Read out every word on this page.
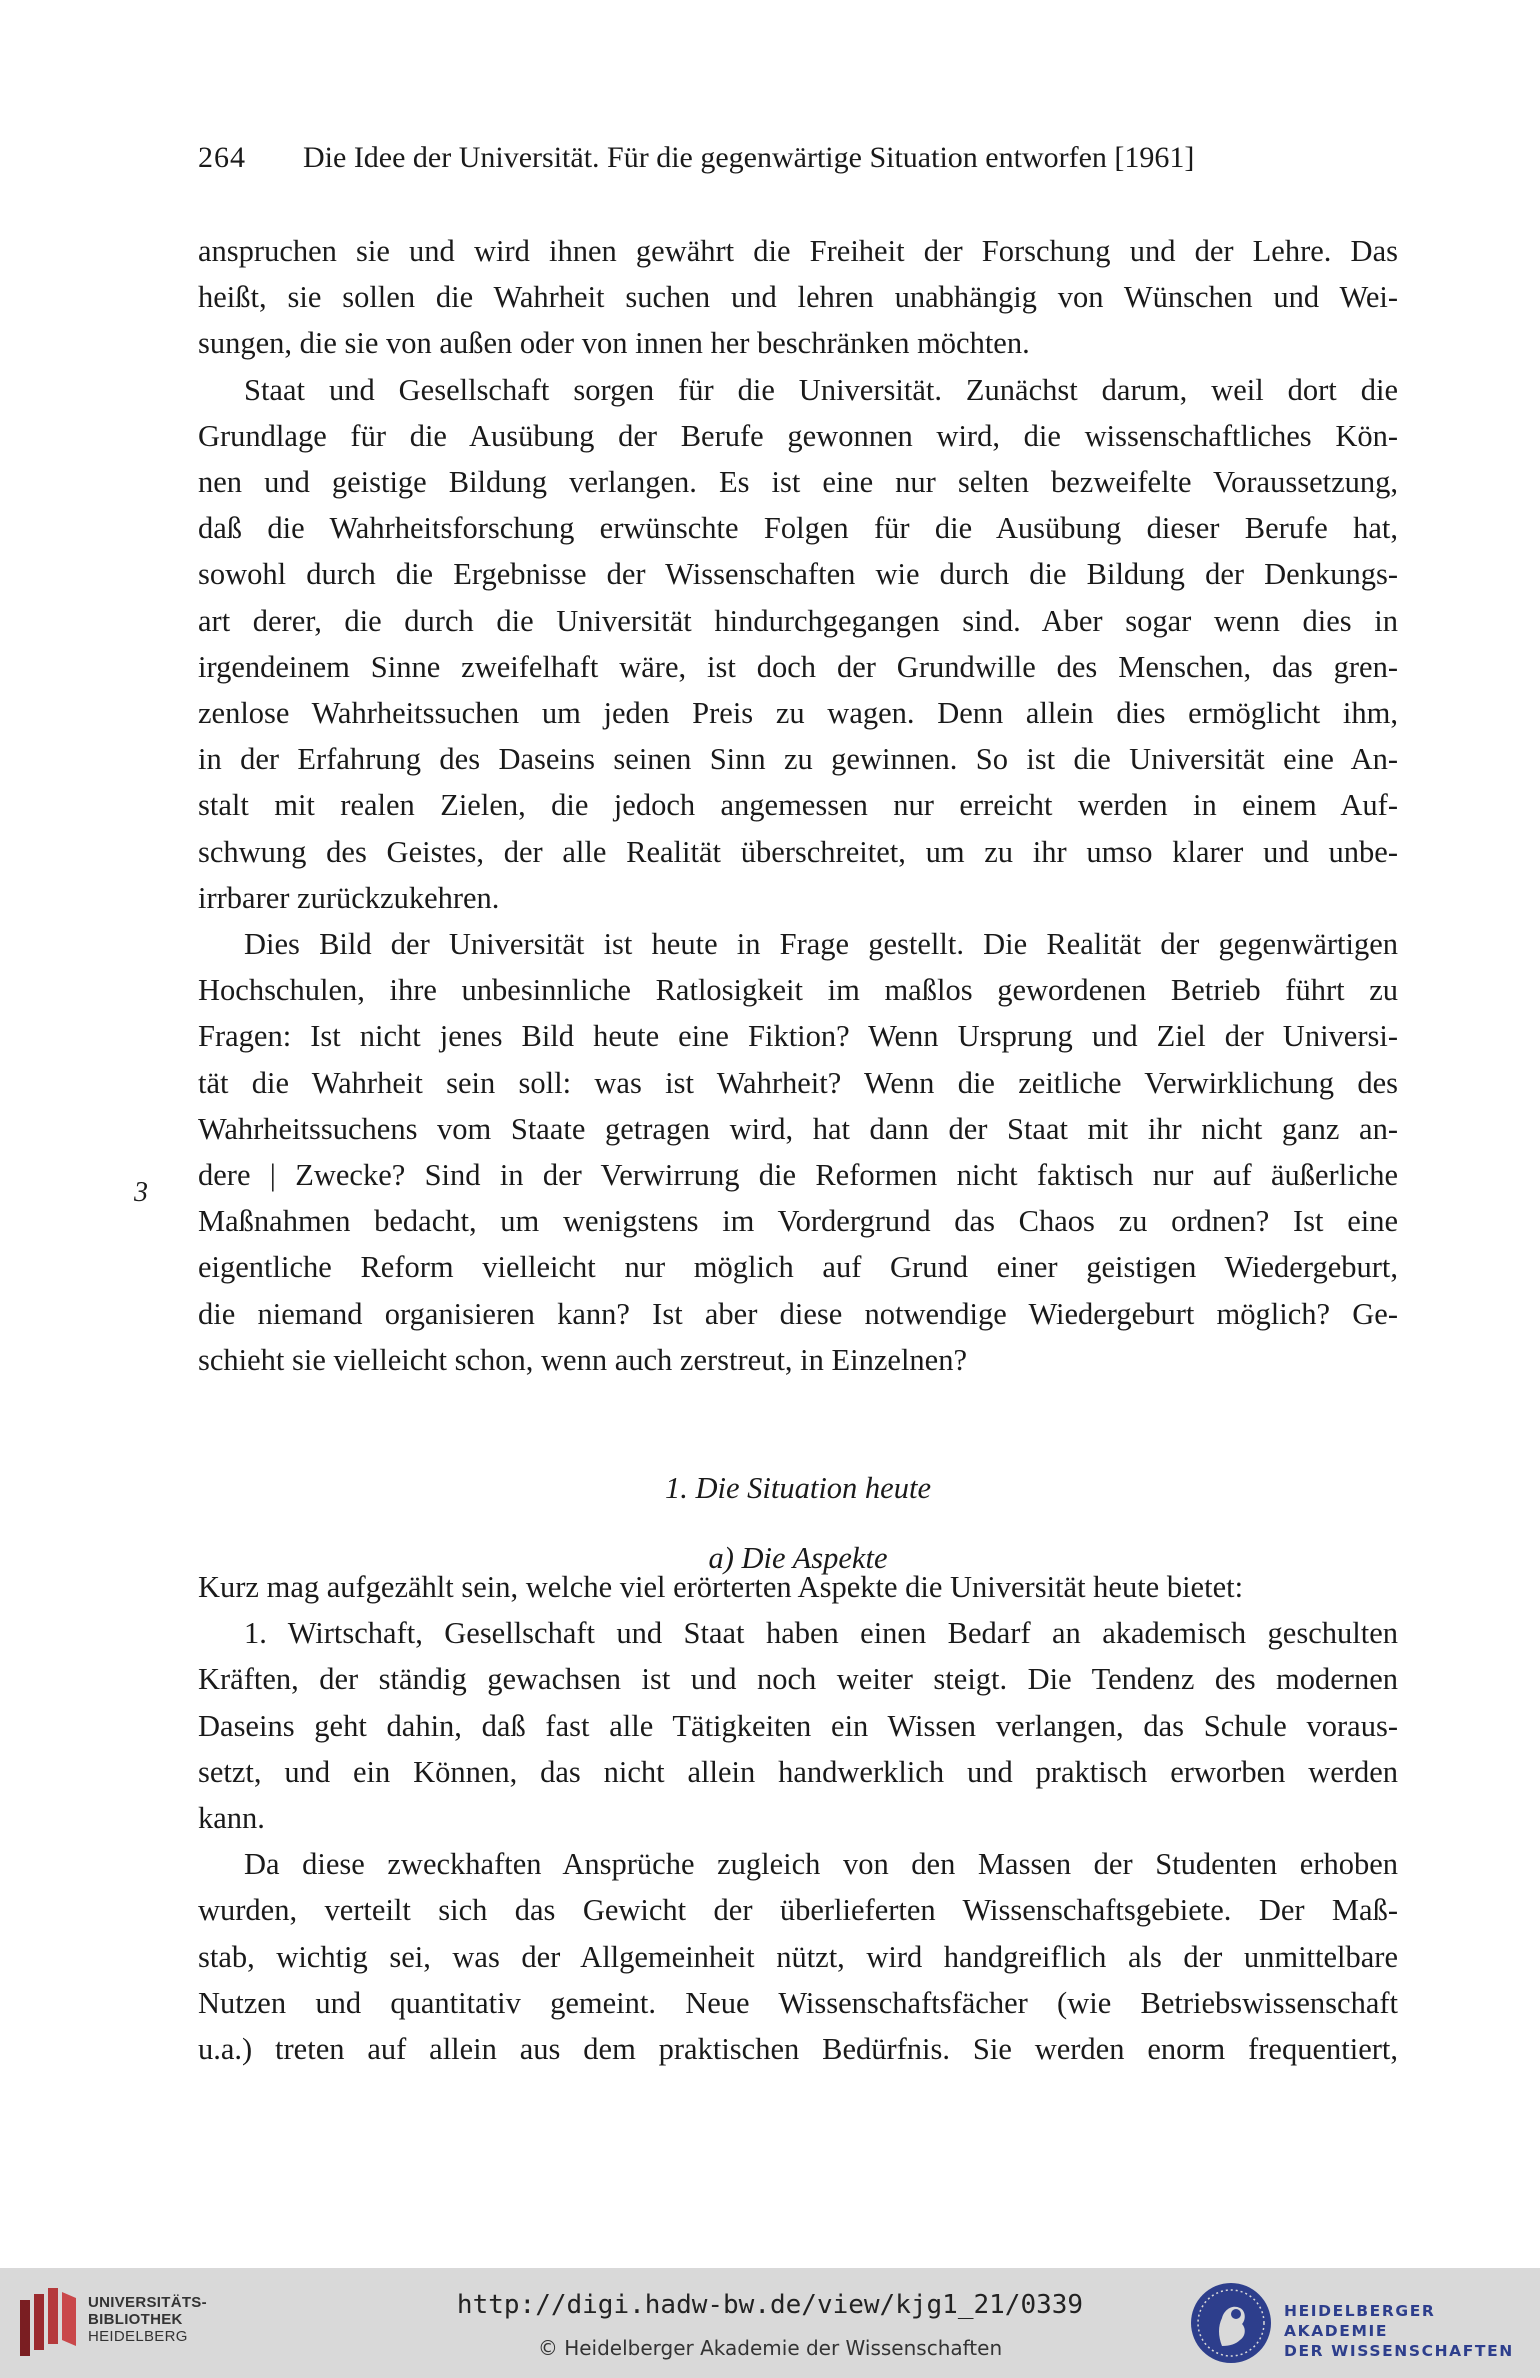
264 Die Idee der Universität. Für die gegenwärtige Situation entworfen [1961]
3

anspruchen sie und wird ihnen gewährt die Freiheit der Forschung und der Lehre. Das

heißt, sie sollen die Wahrheit suchen und lehren unabhängig von Wünschen und Wei-

sungen, die sie von außen oder von innen her beschränken möchten.

Staat und Gesellschaft sorgen für die Universität. Zunächst darum, weil dort die

Grundlage für die Ausübung der Berufe gewonnen wird, die wissenschaftliches Kön-

nen und geistige Bildung verlangen. Es ist eine nur selten bezweifelte Voraussetzung,

daß die Wahrheitsforschung erwünschte Folgen für die Ausübung dieser Berufe hat,

sowohl durch die Ergebnisse der Wissenschaften wie durch die Bildung der Denkungs-

art derer, die durch die Universität hindurchgegangen sind. Aber sogar wenn dies in

irgendeinem Sinne zweifelhaft wäre, ist doch der Grundwille des Menschen, das gren-

zenlose Wahrheitssuchen um jeden Preis zu wagen. Denn allein dies ermöglicht ihm,

in der Erfahrung des Daseins seinen Sinn zu gewinnen. So ist die Universität eine An-

stalt mit realen Zielen, die jedoch angemessen nur erreicht werden in einem Auf-

schwung des Geistes, der alle Realität überschreitet, um zu ihr umso klarer und unbe-

irrbarer zurückzukehren.

Dies Bild der Universität ist heute in Frage gestellt. Die Realität der gegenwärtigen

Hochschulen, ihre unbesinnliche Ratlosigkeit im maßlos gewordenen Betrieb führt zu

Fragen: Ist nicht jenes Bild heute eine Fiktion? Wenn Ursprung und Ziel der Universi-

tät die Wahrheit sein soll: was ist Wahrheit? Wenn die zeitliche Verwirklichung des

Wahrheitssuchens vom Staate getragen wird, hat dann der Staat mit ihr nicht ganz an-

dere | Zwecke? Sind in der Verwirrung die Reformen nicht faktisch nur auf äußerliche

Maßnahmen bedacht, um wenigstens im Vordergrund das Chaos zu ordnen? Ist eine

eigentliche Reform vielleicht nur möglich auf Grund einer geistigen Wiedergeburt,

die niemand organisieren kann? Ist aber diese notwendige Wiedergeburt möglich? Ge-

schieht sie vielleicht schon, wenn auch zerstreut, in Einzelnen?

1. Die Situation heute
a) Die Aspekte

Kurz mag aufgezählt sein, welche viel erörterten Aspekte die Universität heute bietet:

1. Wirtschaft, Gesellschaft und Staat haben einen Bedarf an akademisch geschulten

Kräften, der ständig gewachsen ist und noch weiter steigt. Die Tendenz des modernen

Daseins geht dahin, daß fast alle Tätigkeiten ein Wissen verlangen, das Schule voraus-

setzt, und ein Können, das nicht allein handwerklich und praktisch erworben werden

kann.

Da diese zweckhaften Ansprüche zugleich von den Massen der Studenten erhoben

wurden, verteilt sich das Gewicht der überlieferten Wissenschaftsgebiete. Der Maß-

stab, wichtig sei, was der Allgemeinheit nützt, wird handgreiflich als der unmittelbare

Nutzen und quantitativ gemeint. Neue Wissenschaftsfächer (wie Betriebswissenschaft

u.a.) treten auf allein aus dem praktischen Bedürfnis. Sie werden enorm frequentiert,

UNIVERSITÄTS-
BIBLIOTHEK
HEIDELBERG
http://digi.hadw-bw.de/view/kjg1_21/0339
© Heidelberger Akademie der Wissenschaften
HEIDELBERGER AKADEMIE
DER WISSENSCHAFTEN
